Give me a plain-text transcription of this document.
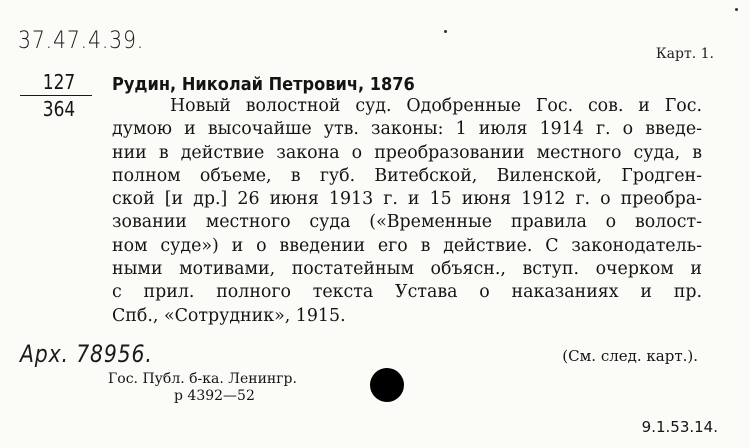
37.47.4.39.	Карт. 1.
127
364
Рудин, Николай Петрович, 1876
Новый волостной суд. Одобренные Гос. сов. и Гос.
думою и высочайше утв. законы: 1 июля 1914 г. о введе-
нии в действие закона о преобразовании местного суда, в
полном объеме, в губ. Витебской, Виленской, Гродген-
ской [и др.] 26 июня 1913 г. и 15 июня 1912 г. о преобра-
зовании местного суда («Временные правила о волост-
ном суде») и о введении его в действие. С законодатель-
ными мотивами, постатейным объясн., вступ. очерком и
с прил. полного текста Устава о наказаниях и пр.
Спб., «Сотрудник», 1915.
Арх. 78956.	(См. след. карт.).
Гос. Публ. б-ка. Ленингр.
р 4392—52
9.1.53.14.
